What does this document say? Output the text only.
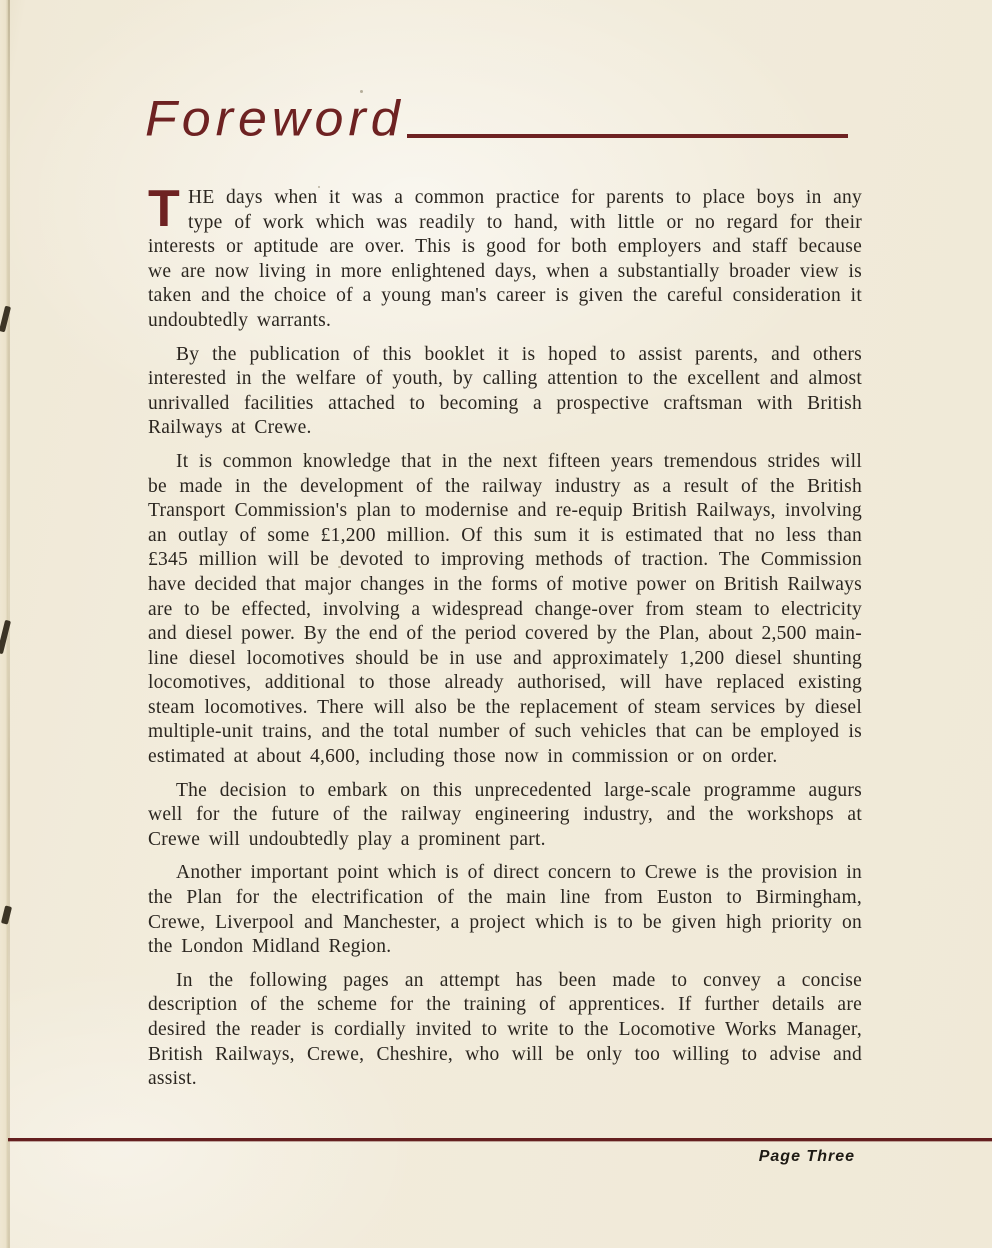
Foreword

THE days when it was a common practice for parents to place boys in any type of work which was readily to hand, with little or no regard for their interests or aptitude are over. This is good for both employers and staff because we are now living in more enlightened days, when a substantially broader view is taken and the choice of a young man's career is given the careful consideration it undoubtedly warrants.

By the publication of this booklet it is hoped to assist parents, and others interested in the welfare of youth, by calling attention to the excellent and almost unrivalled facilities attached to becoming a prospective craftsman with British Railways at Crewe.

It is common knowledge that in the next fifteen years tremendous strides will be made in the development of the railway industry as a result of the British Transport Commission's plan to modernise and re-equip British Railways, involving an outlay of some £1,200 million. Of this sum it is estimated that no less than £345 million will be devoted to improving methods of traction. The Commission have decided that major changes in the forms of motive power on British Railways are to be effected, involving a widespread change-over from steam to electricity and diesel power. By the end of the period covered by the Plan, about 2,500 main-line diesel locomotives should be in use and approximately 1,200 diesel shunting locomotives, additional to those already authorised, will have replaced existing steam locomotives. There will also be the replacement of steam services by diesel multiple-unit trains, and the total number of such vehicles that can be employed is estimated at about 4,600, including those now in commission or on order.

The decision to embark on this unprecedented large-scale programme augurs well for the future of the railway engineering industry, and the workshops at Crewe will undoubtedly play a prominent part.

Another important point which is of direct concern to Crewe is the provision in the Plan for the electrification of the main line from Euston to Birmingham, Crewe, Liverpool and Manchester, a project which is to be given high priority on the London Midland Region.

In the following pages an attempt has been made to convey a concise description of the scheme for the training of apprentices. If further details are desired the reader is cordially invited to write to the Locomotive Works Manager, British Railways, Crewe, Cheshire, who will be only too willing to advise and assist.

Page Three
